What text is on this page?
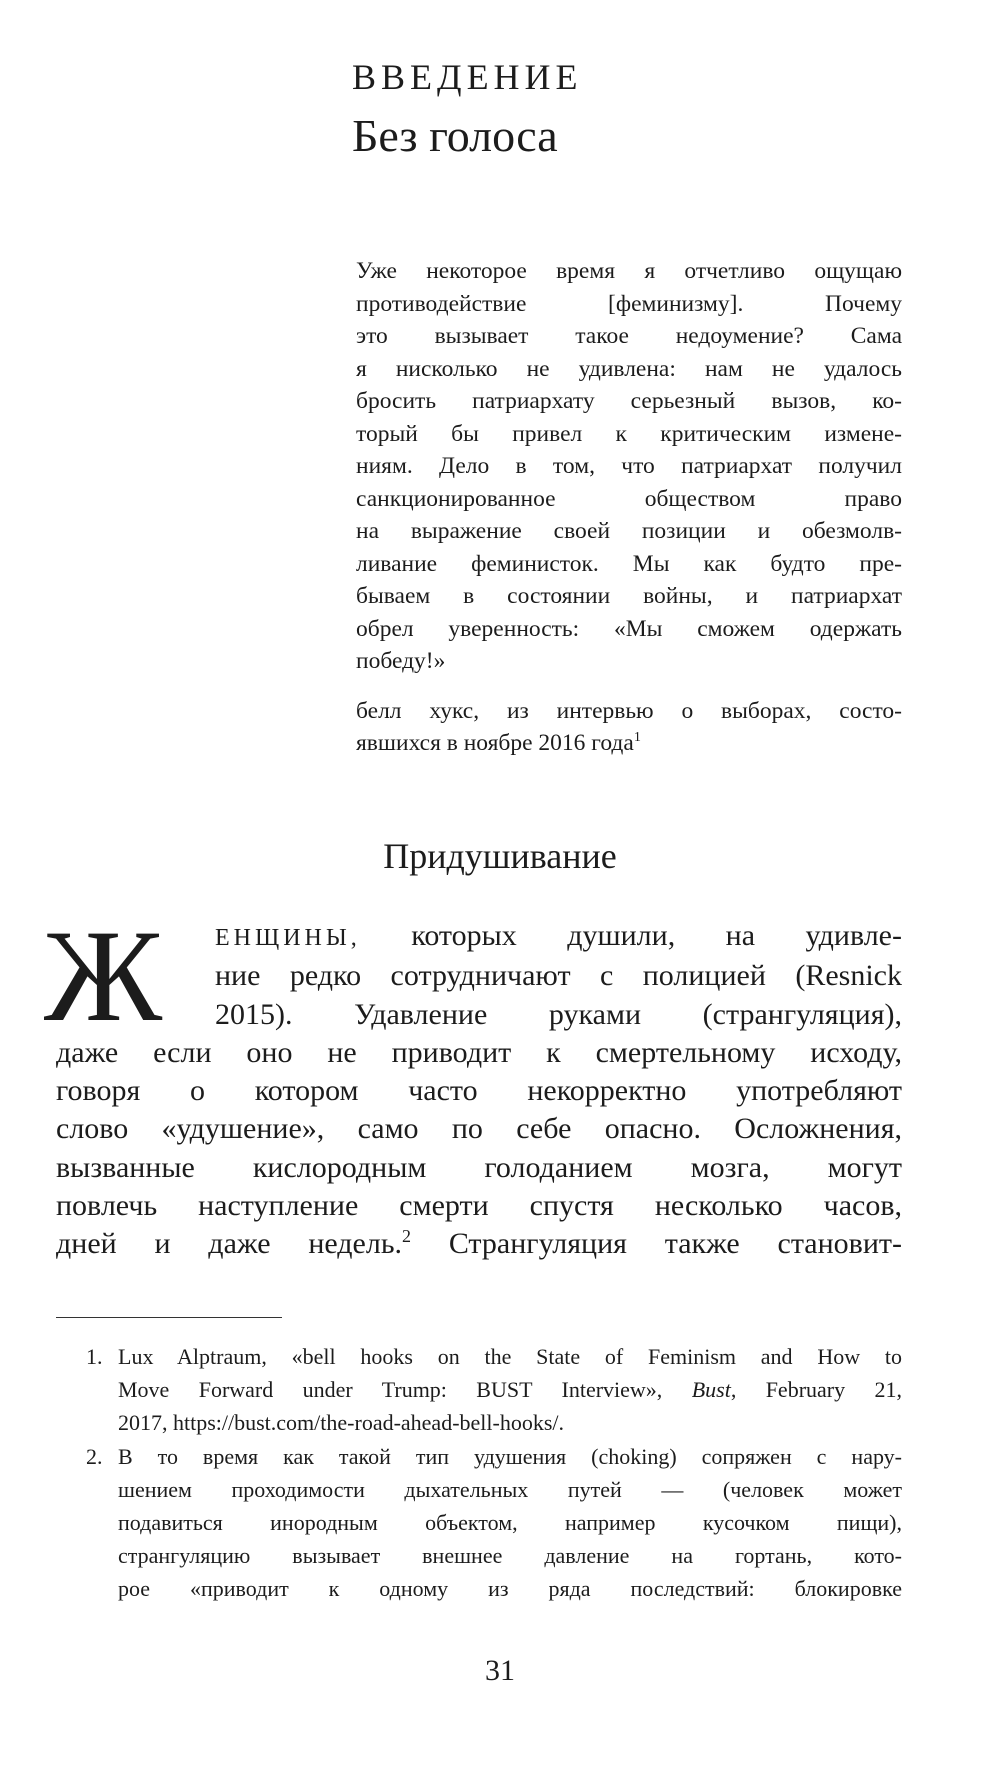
ВВЕДЕНИЕ
Без голоса
Уже некоторое время я отчетливо ощущаю
противодействие [феминизму]. Почему
это вызывает такое недоумение? Сама
я нисколько не удивлена: нам не удалось
бросить патриархату серьезный вызов, ко-
торый бы привел к критическим измене-
ниям. Дело в том, что патриархат получил
санкционированное обществом право
на выражение своей позиции и обезмолв-
ливание феминисток. Мы как будто пре-
бываем в состоянии войны, и патриархат
обрел уверенность: «Мы сможем одержать
победу!»
белл хукс, из интервью о выборах, состо-
явшихся в ноябре 2016 года$^1$
Придушивание
Ж ЕНЩИНЫ, которых душили, на удивле-
ние редко сотрудничают с полицией (Resnick
2015). Удавление руками (странгуляция),
даже если оно не приводит к смертельному исходу,
говоря о котором часто некорректно употребляют
слово «удушение», само по себе опасно. Осложнения,
вызванные кислородным голоданием мозга, могут
повлечь наступление смерти спустя несколько часов,
дней и даже недель.$^2$ Странгуляция также становит-
1. Lux Alptraum, «bell hooks on the State of Feminism and How to
Move Forward under Trump: BUST Interview», Bust, February 21,
2017, https://bust.com/the-road-ahead-bell-hooks/.
2. В то время как такой тип удушения (choking) сопряжен с нару-
шением проходимости дыхательных путей — (человек может
подавиться инородным объектом, например кусочком пищи),
странгуляцию вызывает внешнее давление на гортань, кото-
рое «приводит к одному из ряда последствий: блокировке
31
